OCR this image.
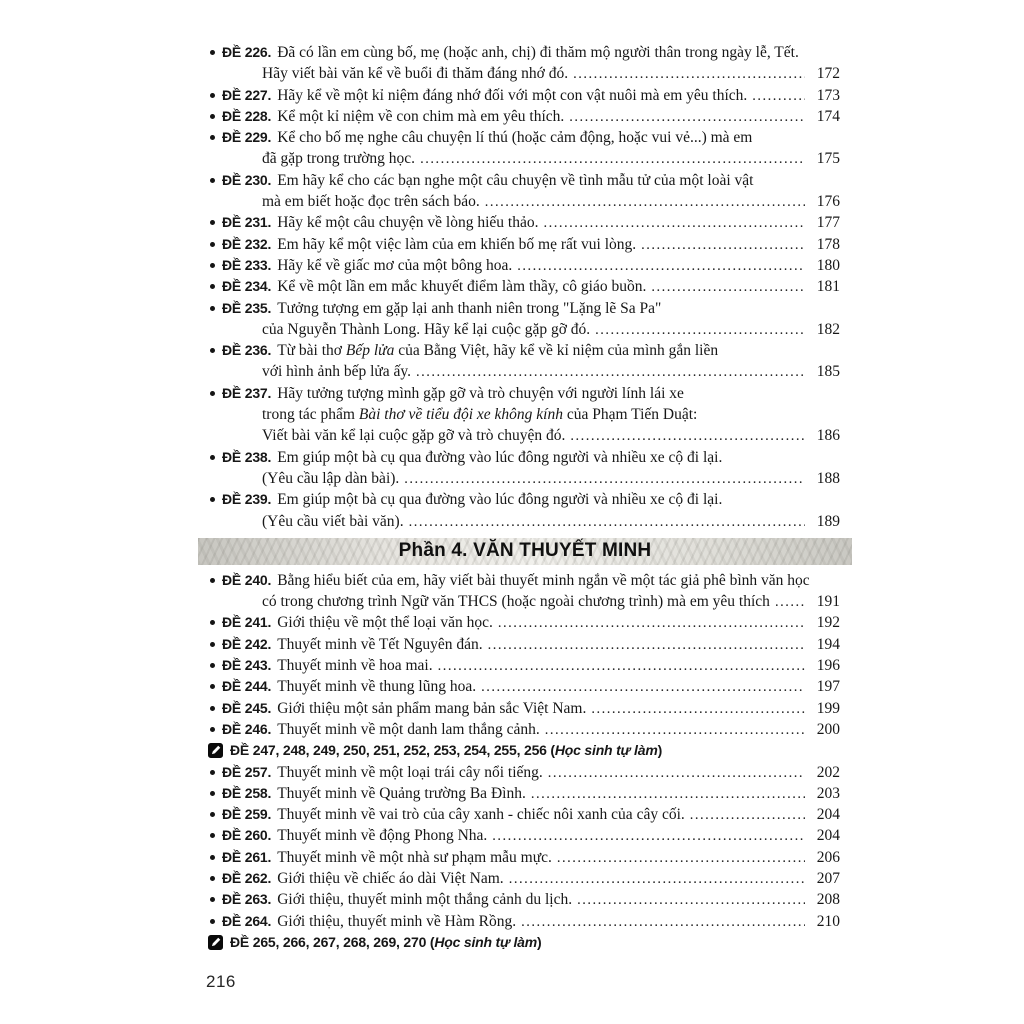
ĐỀ 226. Đã có lần em cùng bố, mẹ (hoặc anh, chị) đi thăm mộ người thân trong ngày lễ, Tết.
Hãy viết bài văn kể về buổi đi thăm đáng nhớ đó. .....	172
ĐỀ 227. Hãy kể về một kỉ niệm đáng nhớ đối với một con vật nuôi mà em yêu thích. .....	173
ĐỀ 228. Kể một kỉ niệm về con chim mà em yêu thích. .....	174
ĐỀ 229. Kể cho bố mẹ nghe câu chuyện lí thú (hoặc cảm động, hoặc vui vẻ...) mà em
đã gặp trong trường học. .....	175
ĐỀ 230. Em hãy kể cho các bạn nghe một câu chuyện về tình mẫu tử của một loài vật
mà em biết hoặc đọc trên sách báo. .....	176
ĐỀ 231. Hãy kể một câu chuyện về lòng hiếu thảo. .....	177
ĐỀ 232. Em hãy kể một việc làm của em khiến bố mẹ rất vui lòng. .....	178
ĐỀ 233. Hãy kể về giấc mơ của một bông hoa. .....	180
ĐỀ 234. Kể về một lần em mắc khuyết điểm làm thầy, cô giáo buồn. .....	181
ĐỀ 235. Tưởng tượng em gặp lại anh thanh niên trong "Lặng lẽ Sa Pa"
của Nguyễn Thành Long. Hãy kể lại cuộc gặp gỡ đó. .....	182
ĐỀ 236. Từ bài thơ Bếp lửa của Bằng Việt, hãy kể về kỉ niệm của mình gắn liền
với hình ảnh bếp lửa ấy. .....	185
ĐỀ 237. Hãy tưởng tượng mình gặp gỡ và trò chuyện với người lính lái xe
trong tác phẩm Bài thơ về tiểu đội xe không kính của Phạm Tiến Duật:
Viết bài văn kể lại cuộc gặp gỡ và trò chuyện đó. .....	186
ĐỀ 238. Em giúp một bà cụ qua đường vào lúc đông người và nhiều xe cộ đi lại.
(Yêu cầu lập dàn bài). .....	188
ĐỀ 239. Em giúp một bà cụ qua đường vào lúc đông người và nhiều xe cộ đi lại.
(Yêu cầu viết bài văn). .....	189
Phần 4. VĂN THUYẾT MINH
ĐỀ 240. Bằng hiểu biết của em, hãy viết bài thuyết minh ngắn về một tác giả phê bình văn học
có trong chương trình Ngữ văn THCS (hoặc ngoài chương trình) mà em yêu thích .....	191
ĐỀ 241. Giới thiệu về một thể loại văn học. .....	192
ĐỀ 242. Thuyết minh về Tết Nguyên đán. .....	194
ĐỀ 243. Thuyết minh về hoa mai. .....	196
ĐỀ 244. Thuyết minh về thung lũng hoa. .....	197
ĐỀ 245. Giới thiệu một sản phẩm mang bản sắc Việt Nam. .....	199
ĐỀ 246. Thuyết minh về một danh lam thắng cảnh. .....	200
ĐỀ 247, 248, 249, 250, 251, 252, 253, 254, 255, 256 (Học sinh tự làm)
ĐỀ 257. Thuyết minh về một loại trái cây nổi tiếng. .....	202
ĐỀ 258. Thuyết minh về Quảng trường Ba Đình. .....	203
ĐỀ 259. Thuyết minh về vai trò của cây xanh - chiếc nôi xanh của cây cối. .....	204
ĐỀ 260. Thuyết minh về động Phong Nha. .....	204
ĐỀ 261. Thuyết minh về một nhà sư phạm mẫu mực. .....	206
ĐỀ 262. Giới thiệu về chiếc áo dài Việt Nam. .....	207
ĐỀ 263. Giới thiệu, thuyết minh một thắng cảnh du lịch. .....	208
ĐỀ 264. Giới thiệu, thuyết minh về Hàm Rồng. .....	210
ĐỀ 265, 266, 267, 268, 269, 270 (Học sinh tự làm)
216
